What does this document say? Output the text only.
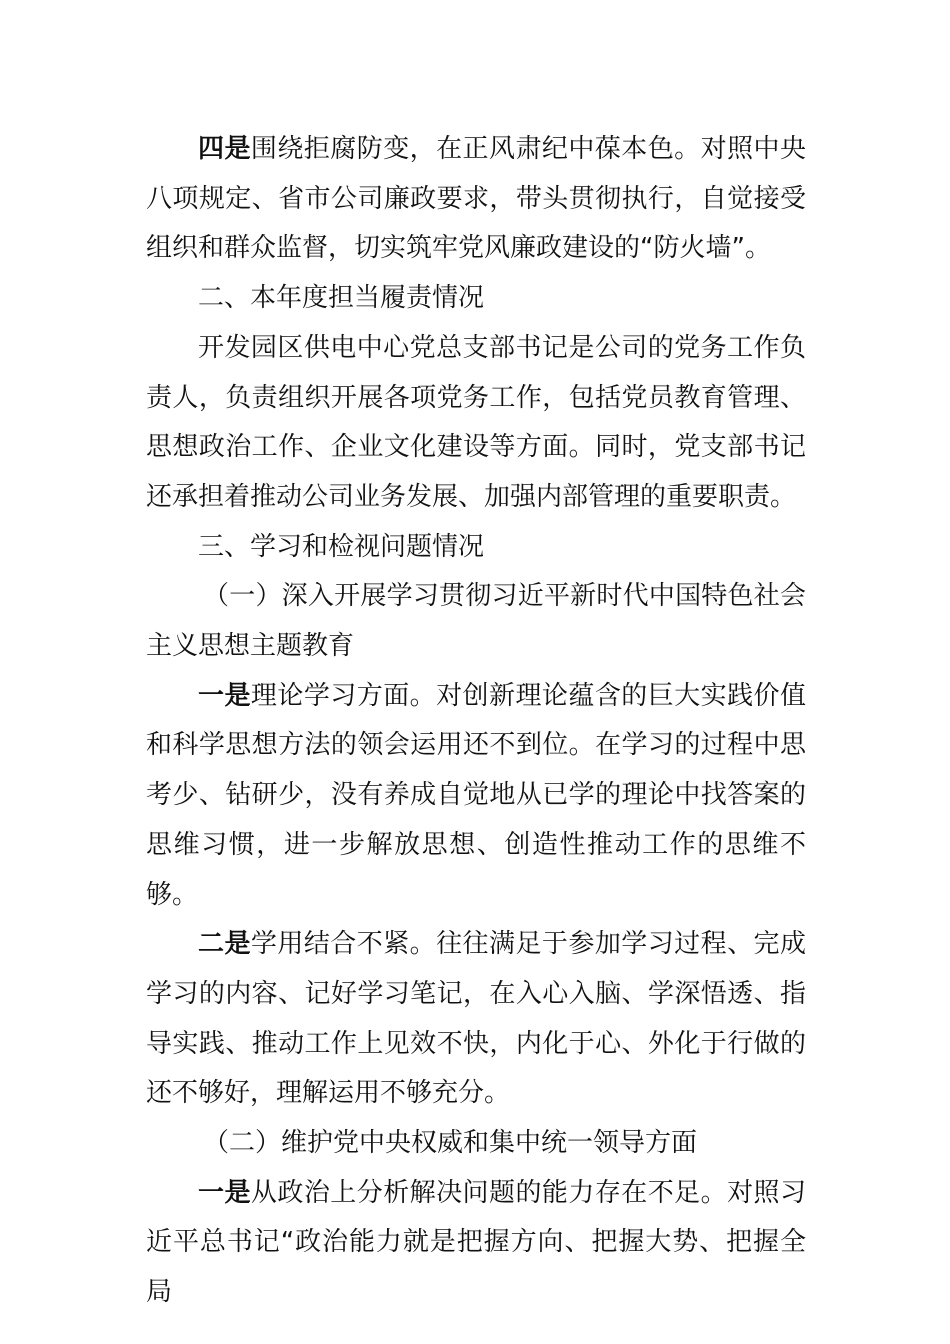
四是围绕拒腐防变，在正风肃纪中葆本色。对照中央八项规定、省市公司廉政要求，带头贯彻执行，自觉接受组织和群众监督，切实筑牢党风廉政建设的“防火墙”。

二、本年度担当履责情况

开发园区供电中心党总支部书记是公司的党务工作负责人，负责组织开展各项党务工作，包括党员教育管理、思想政治工作、企业文化建设等方面。同时，党支部书记还承担着推动公司业务发展、加强内部管理的重要职责。

三、学习和检视问题情况

（一）深入开展学习贯彻习近平新时代中国特色社会主义思想主题教育

一是理论学习方面。对创新理论蕴含的巨大实践价值和科学思想方法的领会运用还不到位。在学习的过程中思考少、钻研少，没有养成自觉地从已学的理论中找答案的思维习惯，进一步解放思想、创造性推动工作的思维不够。

二是学用结合不紧。往往满足于参加学习过程、完成学习的内容、记好学习笔记，在入心入脑、学深悟透、指导实践、推动工作上见效不快，内化于心、外化于行做的还不够好，理解运用不够充分。

（二）维护党中央权威和集中统一领导方面

一是从政治上分析解决问题的能力存在不足。对照习近平总书记“政治能力就是把握方向、把握大势、把握全局
